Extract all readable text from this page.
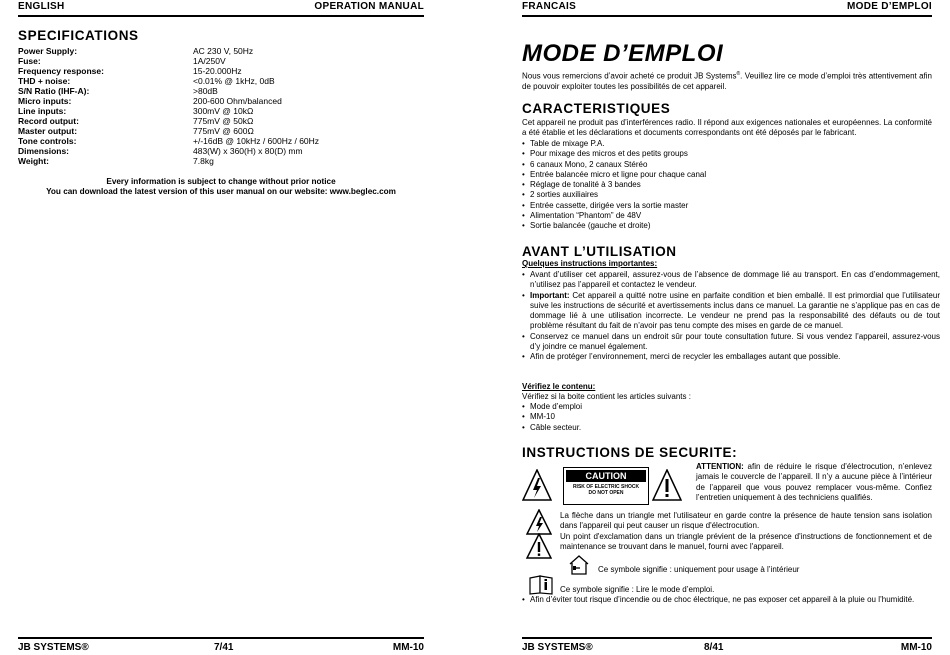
ENGLISH	OPERATION MANUAL
SPECIFICATIONS
Power Supply:	AC 230 V, 50Hz
Fuse:	1A/250V
Frequency response:	15-20.000Hz
THD + noise:	<0.01% @ 1kHz, 0dB
S/N Ratio (IHF-A):	>80dB
Micro inputs:	200-600 Ohm/balanced
Line inputs:	300mV @ 10kΩ
Record output:	775mV @ 50kΩ
Master output:	775mV @ 600Ω
Tone controls:	+/-16dB @ 10kHz / 600Hz / 60Hz
Dimensions:	483(W) x 360(H) x 80(D) mm
Weight:	7.8kg
Every information is subject to change without prior notice
You can download the latest version of this user manual on our website: www.beglec.com
JB SYSTEMS®	7/41	MM-10
FRANCAIS	MODE D’EMPLOI
MODE D’EMPLOI

Nous vous remercions d’avoir acheté ce produit JB Systems®. Veuillez lire ce mode d’emploi très attentivement afin de pouvoir exploiter toutes les possibilités de cet appareil.

CARACTERISTIQUES

Cet appareil ne produit pas d’interférences radio. Il répond aux exigences nationales et européennes. La conformité a été établie et les déclarations et documents correspondants ont été déposés par le fabricant.

• Table de mixage P.A.
• Pour mixage des micros et des petits groups
• 6 canaux Mono, 2 canaux Stéréo
• Entrée balancée micro et ligne pour chaque canal
• Réglage de tonalité à 3 bandes
• 2 sorties auxiliaires
• Entrée cassette, dirigée vers la sortie master
• Alimentation “Phantom” de 48V
• Sortie balancée (gauche et droite)
AVANT L’UTILISATION
Quelques instructions importantes:
• Avant d’utiliser cet appareil, assurez-vous de l’absence de dommage lié au transport. En cas d’endommagement, n’utilisez pas l’appareil et contactez le vendeur.
• Important: Cet appareil a quitté notre usine en parfaite condition et bien emballé. Il est primordial que l’utilisateur suive les instructions de sécurité et avertissements inclus dans ce manuel. La garantie ne s’applique pas en cas de dommage lié à une utilisation incorrecte. Le vendeur ne prend pas la responsabilité des défauts ou de tout problème résultant du fait de n’avoir pas tenu compte des mises en garde de ce manuel.
• Conservez ce manuel dans un endroit sûr pour toute consultation future. Si vous vendez l’appareil, assurez-vous d’y joindre ce manuel également.
• Afin de protéger l’environnement, merci de recycler les emballages autant que possible.
Vérifiez le contenu:

Vérifiez si la boite contient les articles suivants :

• Mode d’emploi
• MM-10
• Câble secteur.
INSTRUCTIONS DE SECURITE:
CAUTION
RISK OF ELECTRIC SHOCK
DO NOT OPEN

ATTENTION: afin de réduire le risque d’électrocution, n’enlevez jamais le couvercle de l’appareil. Il n’y a aucune pièce à l’intérieur de l’appareil que vous pouvez remplacer vous-même. Confiez l’entretien uniquement à des techniciens qualifiés.

La flèche dans un triangle met l'utilisateur en garde contre la présence de haute tension sans isolation dans l'appareil qui peut causer un risque d'électrocution.

Un point d'exclamation dans un triangle prévient de la présence d'instructions de fonctionnement et de maintenance se trouvant dans le manuel, fourni avec l'appareil.

Ce symbole signifie : uniquement pour usage à l’intérieur

Ce symbole signifie : Lire le mode d’emploi.

• Afin d’éviter tout risque d’incendie ou de choc électrique, ne pas exposer cet appareil à la pluie ou l’humidité.
JB SYSTEMS®	8/41	MM-10
